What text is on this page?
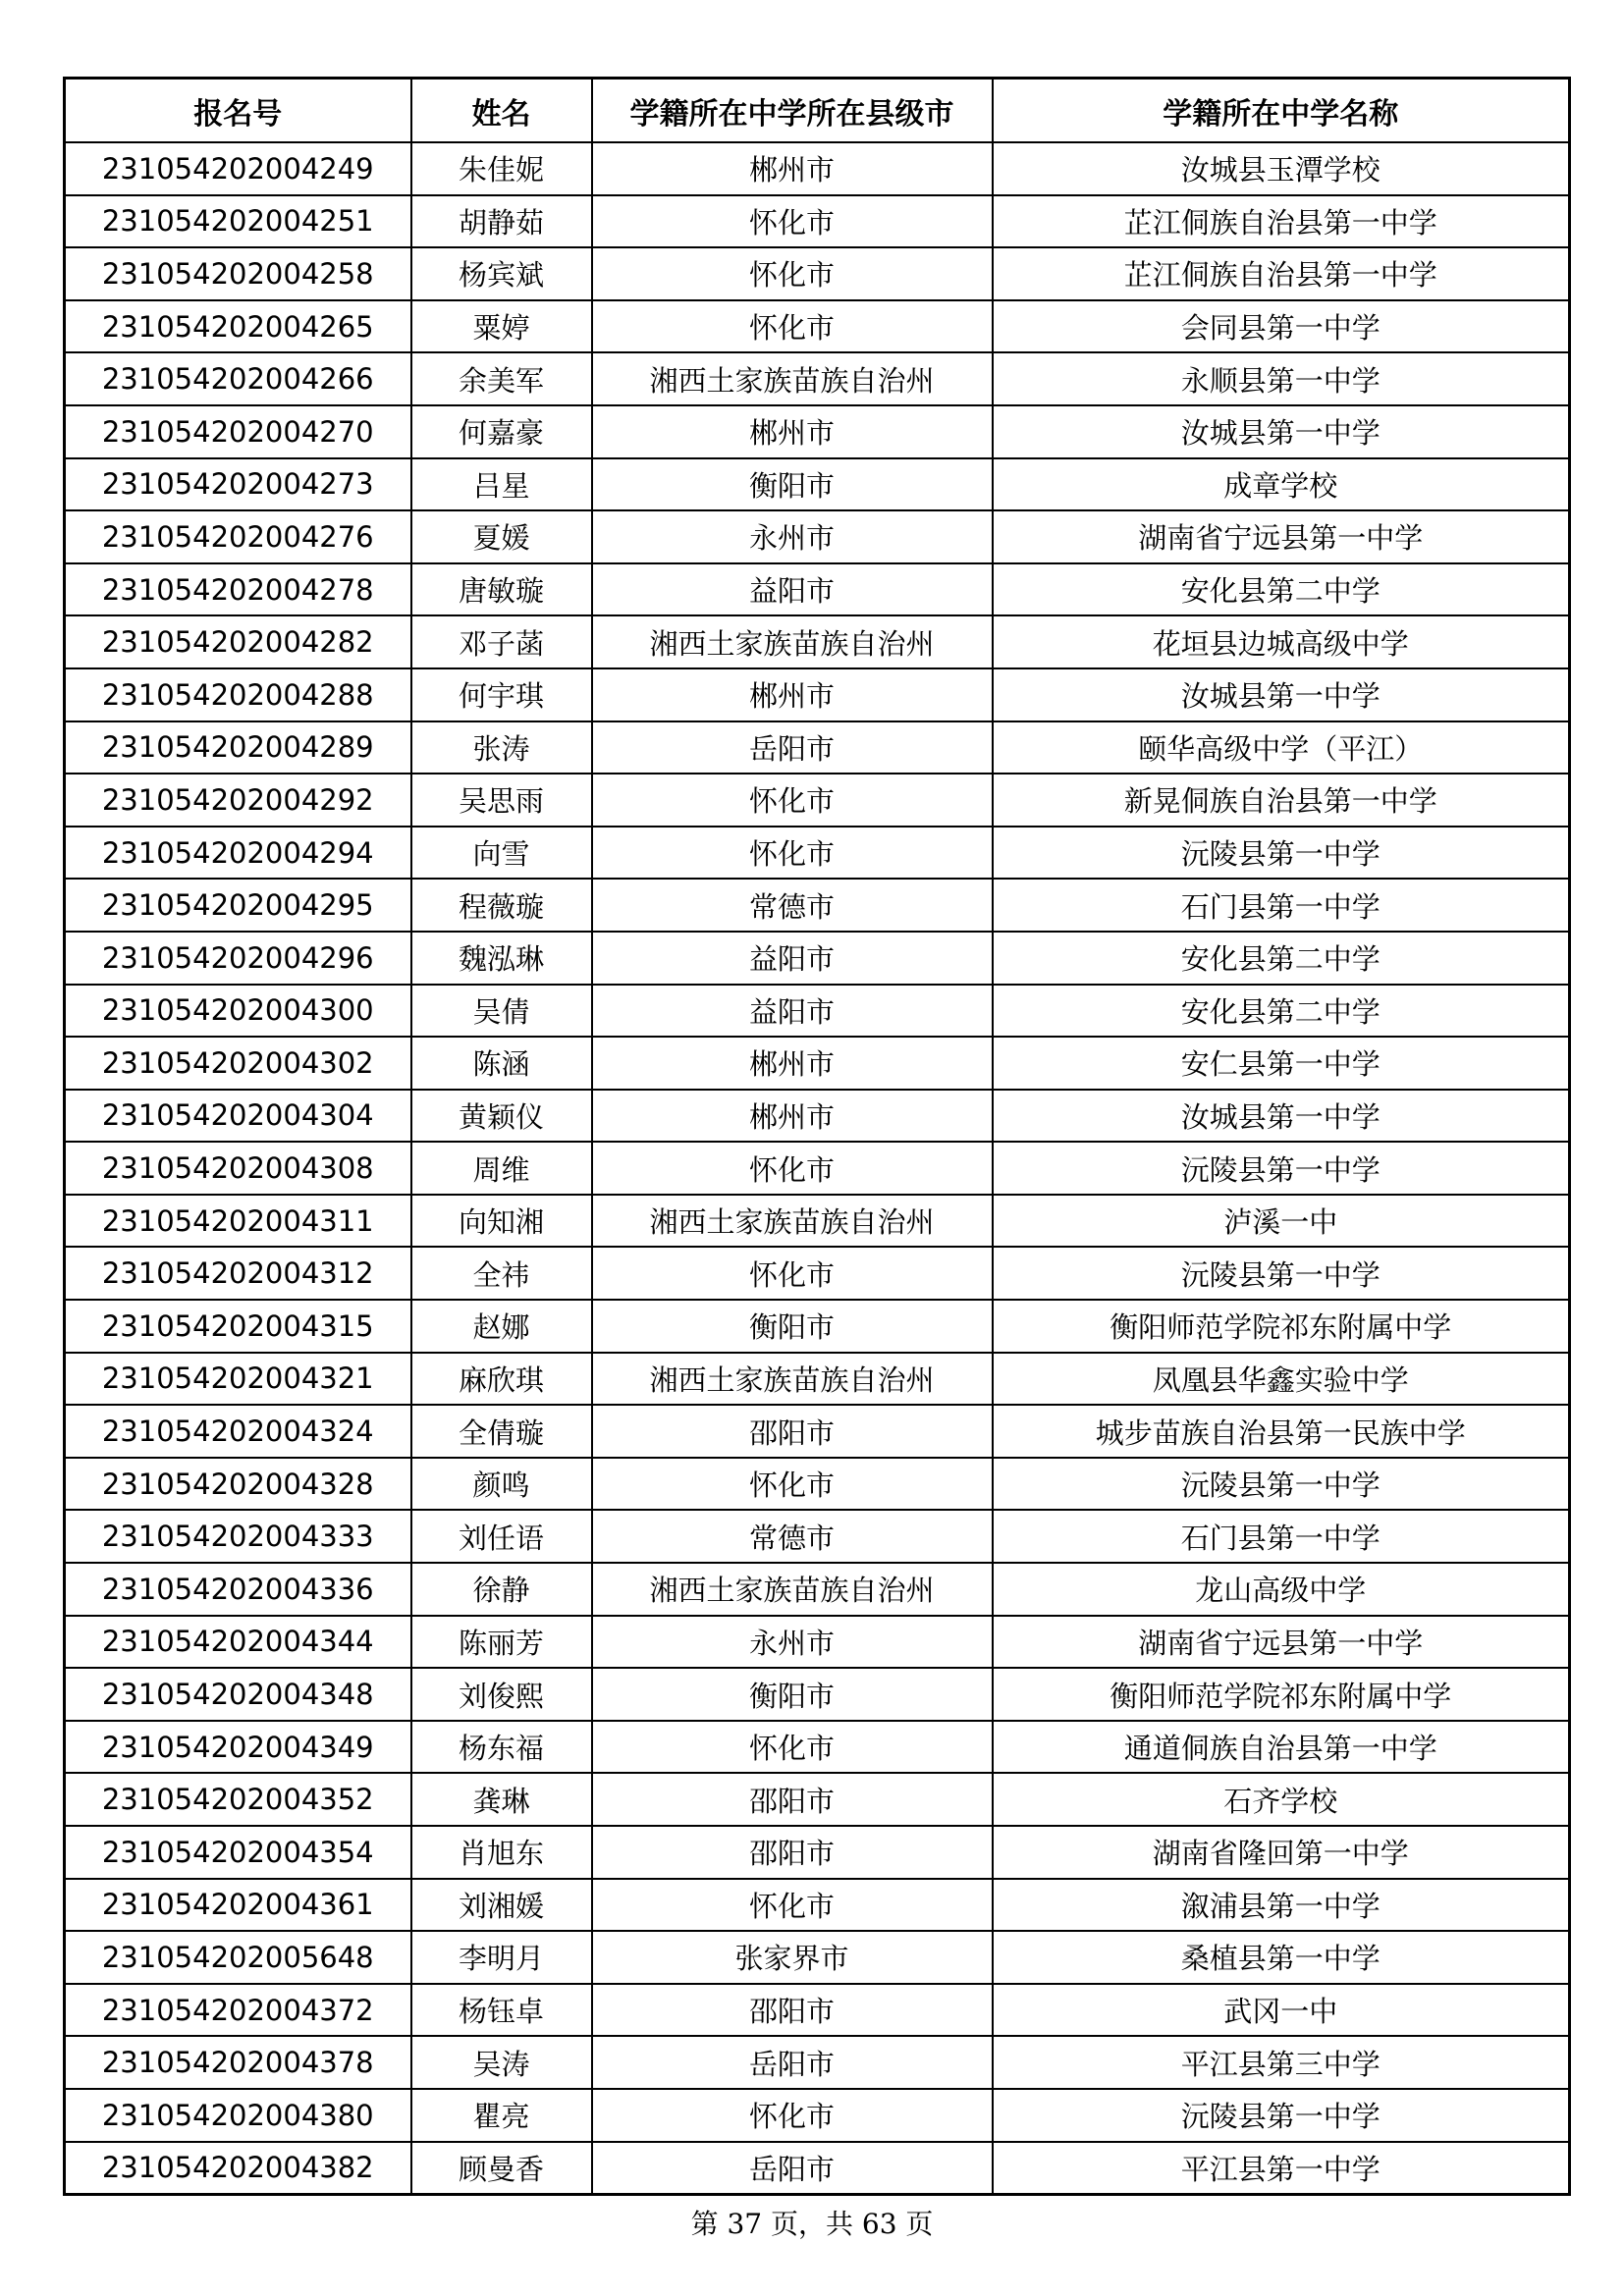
报名号	姓名	学籍所在中学所在县级市	学籍所在中学名称
231054202004249	朱佳妮	郴州市	汝城县玉潭学校
231054202004251	胡静茹	怀化市	芷江侗族自治县第一中学
231054202004258	杨宾斌	怀化市	芷江侗族自治县第一中学
231054202004265	粟婷	怀化市	会同县第一中学
231054202004266	余美军	湘西土家族苗族自治州	永顺县第一中学
231054202004270	何嘉豪	郴州市	汝城县第一中学
231054202004273	吕星	衡阳市	成章学校
231054202004276	夏媛	永州市	湖南省宁远县第一中学
231054202004278	唐敏璇	益阳市	安化县第二中学
231054202004282	邓子菡	湘西土家族苗族自治州	花垣县边城高级中学
231054202004288	何宇琪	郴州市	汝城县第一中学
231054202004289	张涛	岳阳市	颐华高级中学（平江）
231054202004292	吴思雨	怀化市	新晃侗族自治县第一中学
231054202004294	向雪	怀化市	沅陵县第一中学
231054202004295	程薇璇	常德市	石门县第一中学
231054202004296	魏泓琳	益阳市	安化县第二中学
231054202004300	吴倩	益阳市	安化县第二中学
231054202004302	陈涵	郴州市	安仁县第一中学
231054202004304	黄颖仪	郴州市	汝城县第一中学
231054202004308	周维	怀化市	沅陵县第一中学
231054202004311	向知湘	湘西土家族苗族自治州	泸溪一中
231054202004312	全祎	怀化市	沅陵县第一中学
231054202004315	赵娜	衡阳市	衡阳师范学院祁东附属中学
231054202004321	麻欣琪	湘西土家族苗族自治州	凤凰县华鑫实验中学
231054202004324	全倩璇	邵阳市	城步苗族自治县第一民族中学
231054202004328	颜鸣	怀化市	沅陵县第一中学
231054202004333	刘任语	常德市	石门县第一中学
231054202004336	徐静	湘西土家族苗族自治州	龙山高级中学
231054202004344	陈丽芳	永州市	湖南省宁远县第一中学
231054202004348	刘俊熙	衡阳市	衡阳师范学院祁东附属中学
231054202004349	杨东福	怀化市	通道侗族自治县第一中学
231054202004352	龚琳	邵阳市	石齐学校
231054202004354	肖旭东	邵阳市	湖南省隆回第一中学
231054202004361	刘湘媛	怀化市	溆浦县第一中学
231054202005648	李明月	张家界市	桑植县第一中学
231054202004372	杨钰卓	邵阳市	武冈一中
231054202004378	吴涛	岳阳市	平江县第三中学
231054202004380	瞿亮	怀化市	沅陵县第一中学
231054202004382	顾曼香	岳阳市	平江县第一中学
第 37 页，共 63 页
